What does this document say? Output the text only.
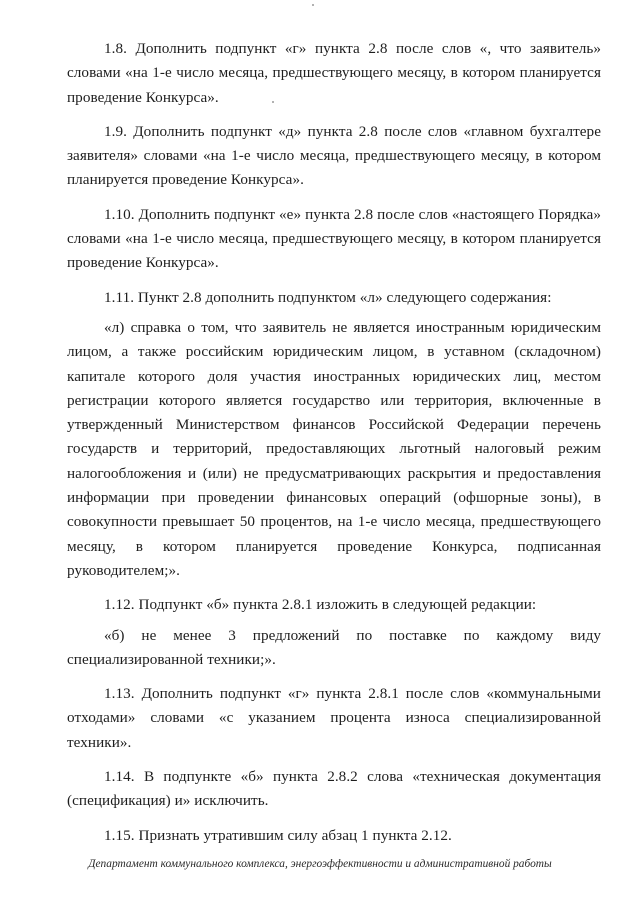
1.8. Дополнить подпункт «г» пункта 2.8 после слов «, что заявитель» словами «на 1-е число месяца, предшествующего месяцу, в котором планируется проведение Конкурса».

1.9. Дополнить подпункт «д» пункта 2.8 после слов «главном бухгалтере заявителя» словами «на 1-е число месяца, предшествующего месяцу, в котором планируется проведение Конкурса».

1.10. Дополнить подпункт «е» пункта 2.8 после слов «настоящего Порядка» словами «на 1-е число месяца, предшествующего месяцу, в котором планируется проведение Конкурса».

1.11. Пункт 2.8 дополнить подпунктом «л» следующего содержания:

«л) справка о том, что заявитель не является иностранным юридическим лицом, а также российским юридическим лицом, в уставном (складочном) капитале которого доля участия иностранных юридических лиц, местом регистрации которого является государство или территория, включенные в утвержденный Министерством финансов Российской Федерации перечень государств и территорий, предоставляющих льготный налоговый режим налогообложения и (или) не предусматривающих раскрытия и предоставления информации при проведении финансовых операций (офшорные зоны), в совокупности превышает 50 процентов, на 1-е число месяца, предшествующего месяцу, в котором планируется проведение Конкурса, подписанная руководителем;».

1.12. Подпункт «б» пункта 2.8.1 изложить в следующей редакции:

«б) не менее 3 предложений по поставке по каждому виду специализированной техники;».

1.13. Дополнить подпункт «г» пункта 2.8.1 после слов «коммунальными отходами» словами «с указанием процента износа специализированной техники».

1.14. В подпункте «б» пункта 2.8.2 слова «техническая документация (спецификация) и» исключить.

1.15. Признать утратившим силу абзац 1 пункта 2.12.

Департамент коммунального комплекса, энергоэффективности и административной работы
